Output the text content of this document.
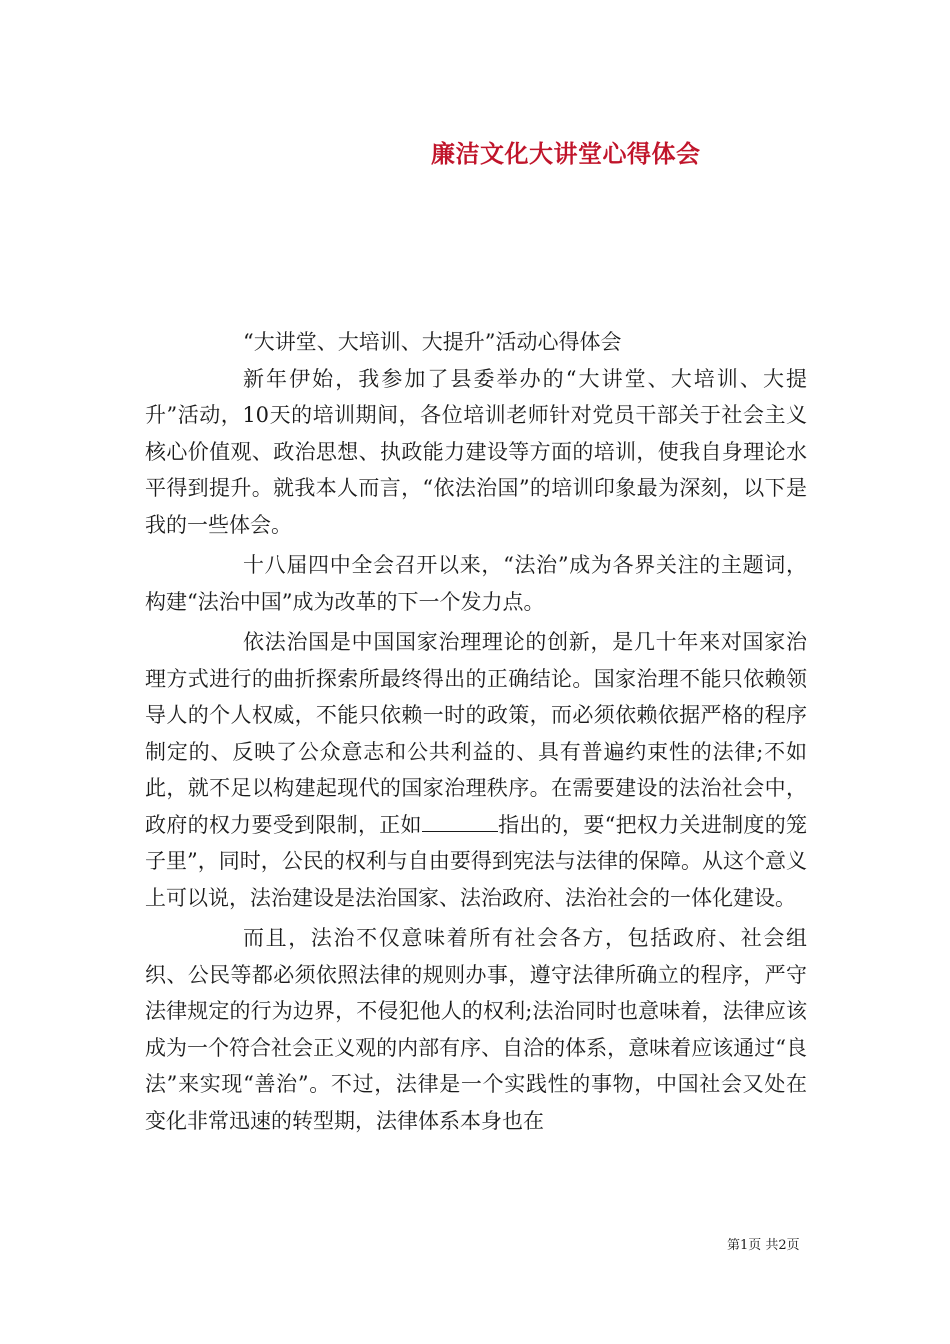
廉洁文化大讲堂心得体会

“大讲堂、大培训、大提升”活动心得体会

新年伊始，我参加了县委举办的“大讲堂、大培训、大提升”活动，10天的培训期间，各位培训老师针对党员干部关于社会主义核心价值观、政治思想、执政能力建设等方面的培训，使我自身理论水平得到提升。就我本人而言，“依法治国”的培训印象最为深刻，以下是我的一些体会。

十八届四中全会召开以来，“法治”成为各界关注的主题词，构建“法治中国”成为改革的下一个发力点。

依法治国是中国国家治理理论的创新，是几十年来对国家治理方式进行的曲折探索所最终得出的正确结论。国家治理不能只依赖领导人的个人权威，不能只依赖一时的政策，而必须依赖依据严格的程序制定的、反映了公众意志和公共利益的、具有普遍约束性的法律;不如此，就不足以构建起现代的国家治理秩序。在需要建设的法治社会中，政府的权力要受到限制，正如	指出的，要“把权力关进制度的笼子里”，同时，公民的权利与自由要得到宪法与法律的保障。从这个意义上可以说，法治建设是法治国家、法治政府、法治社会的一体化建设。

而且，法治不仅意味着所有社会各方，包括政府、社会组织、公民等都必须依照法律的规则办事，遵守法律所确立的程序，严守法律规定的行为边界，不侵犯他人的权利;法治同时也意味着，法律应该成为一个符合社会正义观的内部有序、自洽的体系，意味着应该通过“良法”来实现“善治”。不过，法律是一个实践性的事物，中国社会又处在变化非常迅速的转型期，法律体系本身也在

第1页 共2页
